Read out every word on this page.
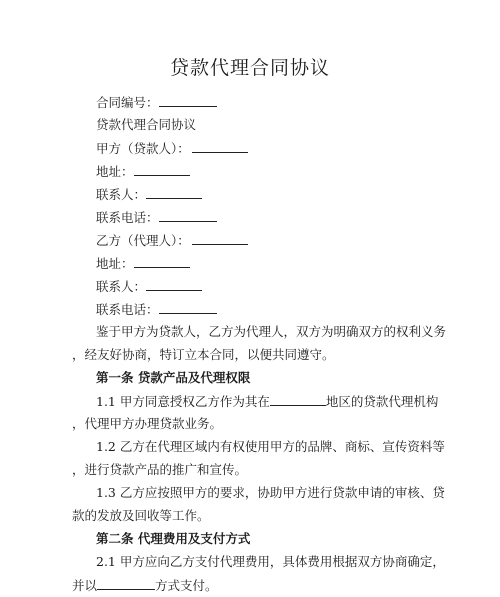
贷款代理合同协议
合同编号：
贷款代理合同协议
甲方（贷款人）：
地址：
联系人：
联系电话：
乙方（代理人）：
地址：
联系人：
联系电话：
鉴于甲方为贷款人，乙方为代理人，双方为明确双方的权利义务
，经友好协商，特订立本合同，以便共同遵守。
第一条 贷款产品及代理权限
1.1 甲方同意授权乙方作为其在	地区的贷款代理机构
，代理甲方办理贷款业务。
1.2 乙方在代理区域内有权使用甲方的品牌、商标、宣传资料等
，进行贷款产品的推广和宣传。
1.3 乙方应按照甲方的要求，协助甲方进行贷款申请的审核、贷
款的发放及回收等工作。
第二条 代理费用及支付方式
2.1 甲方应向乙方支付代理费用，具体费用根据双方协商确定，
并以	方式支付。
